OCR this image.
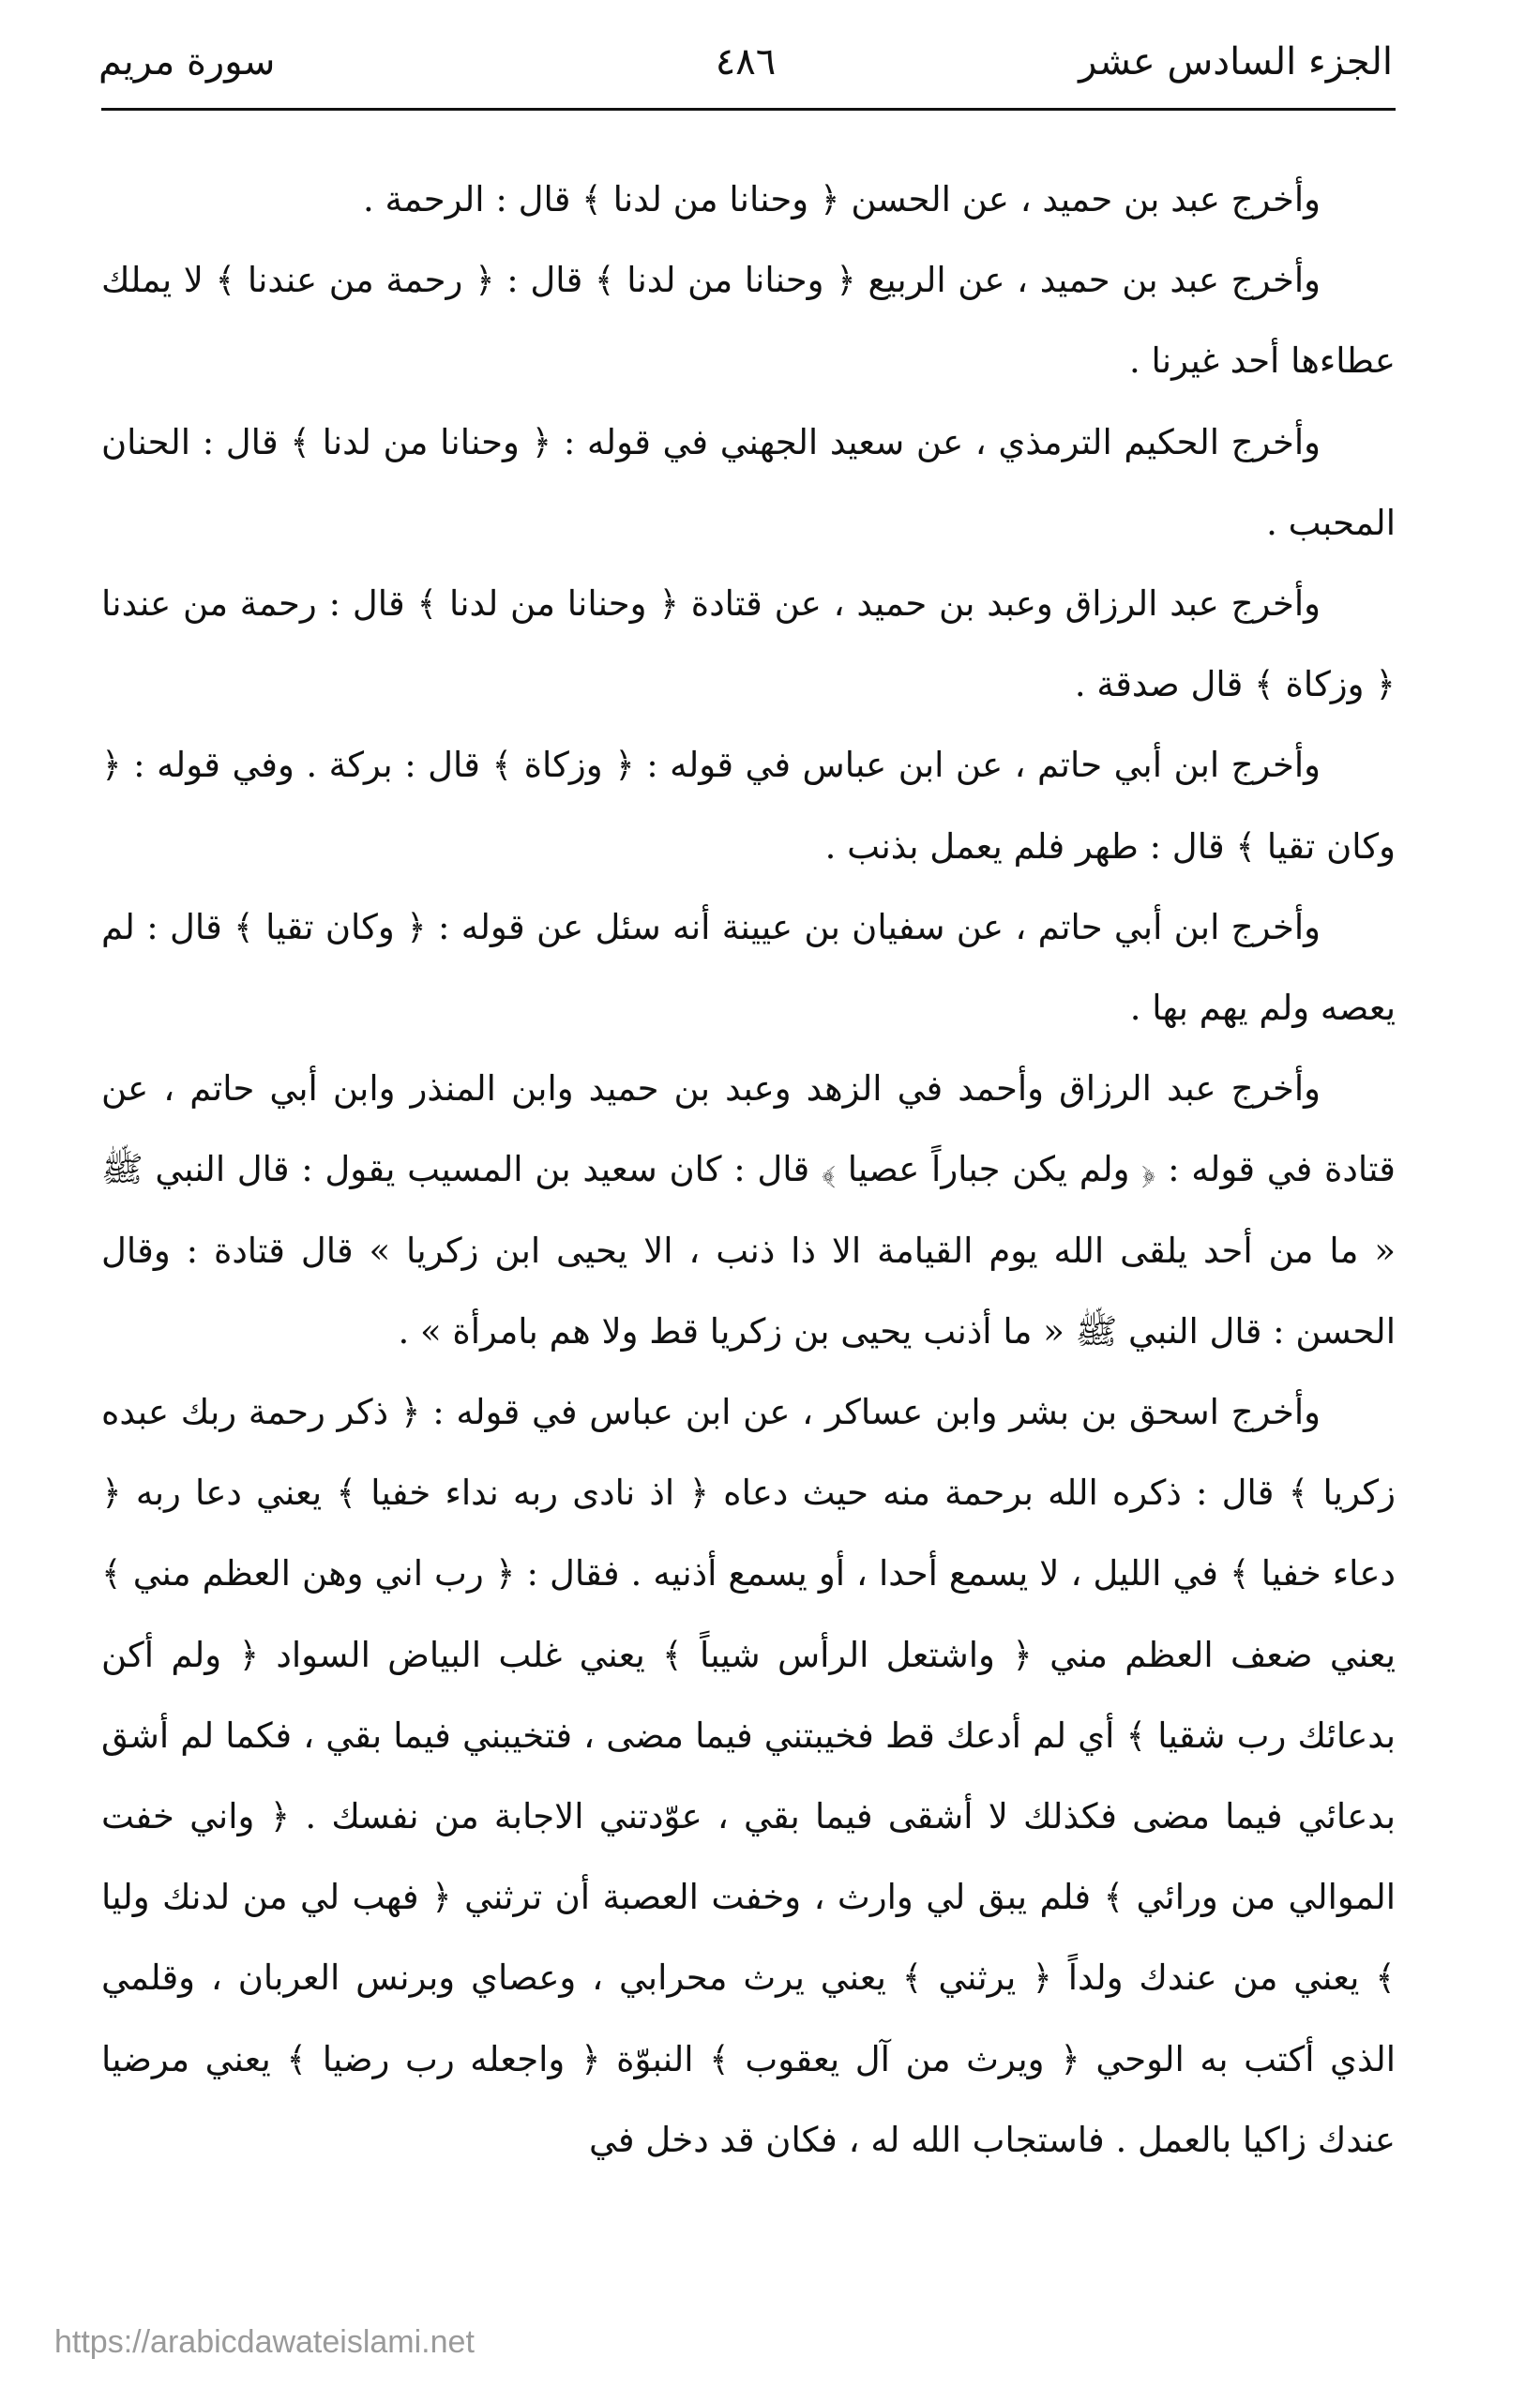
الجزء السادس عشر
٤٨٦
سورة مريم

وأخرج عبد بن حميد ، عن الحسن ﴿ وحنانا من لدنا ﴾ قال : الرحمة .

وأخرج عبد بن حميد ، عن الربيع ﴿ وحنانا من لدنا ﴾ قال : ﴿ رحمة من عندنا ﴾ لا يملك عطاءها أحد غيرنا .

وأخرج الحكيم الترمذي ، عن سعيد الجهني في قوله : ﴿ وحنانا من لدنا ﴾ قال : الحنان المحبب .

وأخرج عبد الرزاق وعبد بن حميد ، عن قتادة ﴿ وحنانا من لدنا ﴾ قال : رحمة من عندنا ﴿ وزكاة ﴾ قال صدقة .

وأخرج ابن أبي حاتم ، عن ابن عباس في قوله : ﴿ وزكاة ﴾ قال : بركة . وفي قوله : ﴿ وكان تقيا ﴾ قال : طهر فلم يعمل بذنب .

وأخرج ابن أبي حاتم ، عن سفيان بن عيينة أنه سئل عن قوله : ﴿ وكان تقيا ﴾ قال : لم يعصه ولم يهم بها .

وأخرج عبد الرزاق وأحمد في الزهد وعبد بن حميد وابن المنذر وابن أبي حاتم ، عن قتادة في قوله : ﴿ ولم يكن جباراً عصيا ﴾ قال : كان سعيد بن المسيب يقول : قال النبي ﷺ « ما من أحد يلقى الله يوم القيامة الا ذا ذنب ، الا يحيى ابن زكريا » قال قتادة : وقال الحسن : قال النبي ﷺ « ما أذنب يحيى بن زكريا قط ولا هم بامرأة » .

وأخرج اسحق بن بشر وابن عساكر ، عن ابن عباس في قوله : ﴿ ذكر رحمة ربك عبده زكريا ﴾ قال : ذكره الله برحمة منه حيث دعاه ﴿ اذ نادى ربه نداء خفيا ﴾ يعني دعا ربه ﴿ دعاء خفيا ﴾ في الليل ، لا يسمع أحدا ، أو يسمع أذنيه . فقال : ﴿ رب اني وهن العظم مني ﴾ يعني ضعف العظم مني ﴿ واشتعل الرأس شيباً ﴾ يعني غلب البياض السواد ﴿ ولم أكن بدعائك رب شقيا ﴾ أي لم أدعك قط فخيبتني فيما مضى ، فتخيبني فيما بقي ، فكما لم أشق بدعائي فيما مضى فكذلك لا أشقى فيما بقي ، عوّدتني الاجابة من نفسك . ﴿ واني خفت الموالي من ورائي ﴾ فلم يبق لي وارث ، وخفت العصبة أن ترثني ﴿ فهب لي من لدنك وليا ﴾ يعني من عندك ولداً ﴿ يرثني ﴾ يعني يرث محرابي ، وعصاي وبرنس العربان ، وقلمي الذي أكتب به الوحي ﴿ ويرث من آل يعقوب ﴾ النبوّة ﴿ واجعله رب رضيا ﴾ يعني مرضيا عندك زاكيا بالعمل . فاستجاب الله له ، فكان قد دخل في

https://arabicdawateislami.net
